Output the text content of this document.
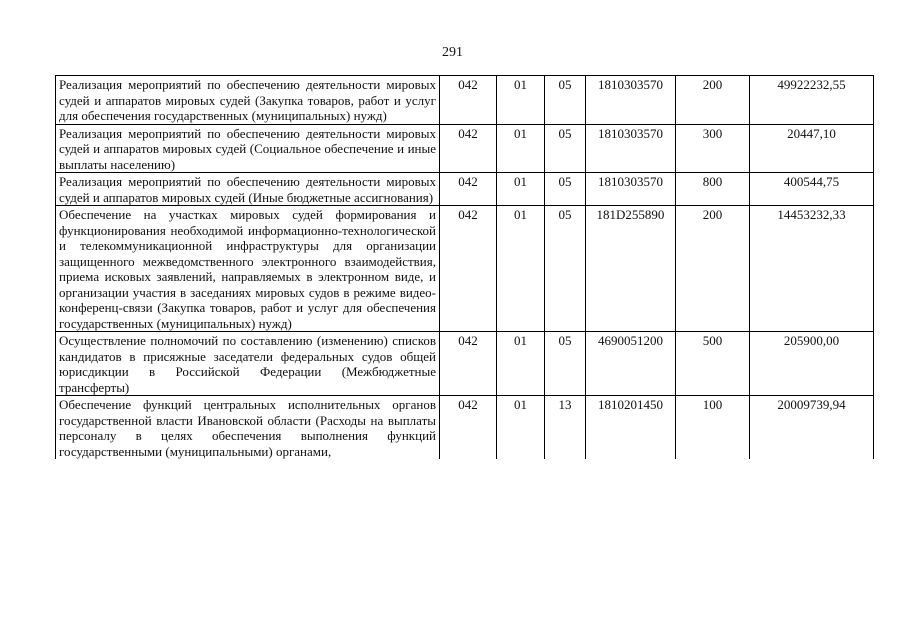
291
Реализация мероприятий по обеспечению деятельности мировых судей и аппаратов мировых судей (Закупка товаров, работ и услуг для обеспечения государственных (муниципальных) нужд)	042	01	05	1810303570	200	49922232,55
Реализация мероприятий по обеспечению деятельности мировых судей и аппаратов мировых судей (Социальное обеспечение и иные выплаты населению)	042	01	05	1810303570	300	20447,10
Реализация мероприятий по обеспечению деятельности мировых судей и аппаратов мировых судей (Иные бюджетные ассигнования)	042	01	05	1810303570	800	400544,75
Обеспечение на участках мировых судей формирования и функционирования необходимой информационно-технологической и телекоммуникационной инфраструктуры для организации защищенного межведомственного электронного взаимодействия, приема исковых заявлений, направляемых в электронном виде, и организации участия в заседаниях мировых судов в режиме видео-конференц-связи (Закупка товаров, работ и услуг для обеспечения государственных (муниципальных) нужд)	042	01	05	181D255890	200	14453232,33
Осуществление полномочий по составлению (изменению) списков кандидатов в присяжные заседатели федеральных судов общей юрисдикции в Российской Федерации (Межбюджетные трансферты)	042	01	05	4690051200	500	205900,00
Обеспечение функций центральных исполнительных органов государственной власти Ивановской области (Расходы на выплаты персоналу в целях обеспечения выполнения функций государственными (муниципальными) органами,	042	01	13	1810201450	100	20009739,94
